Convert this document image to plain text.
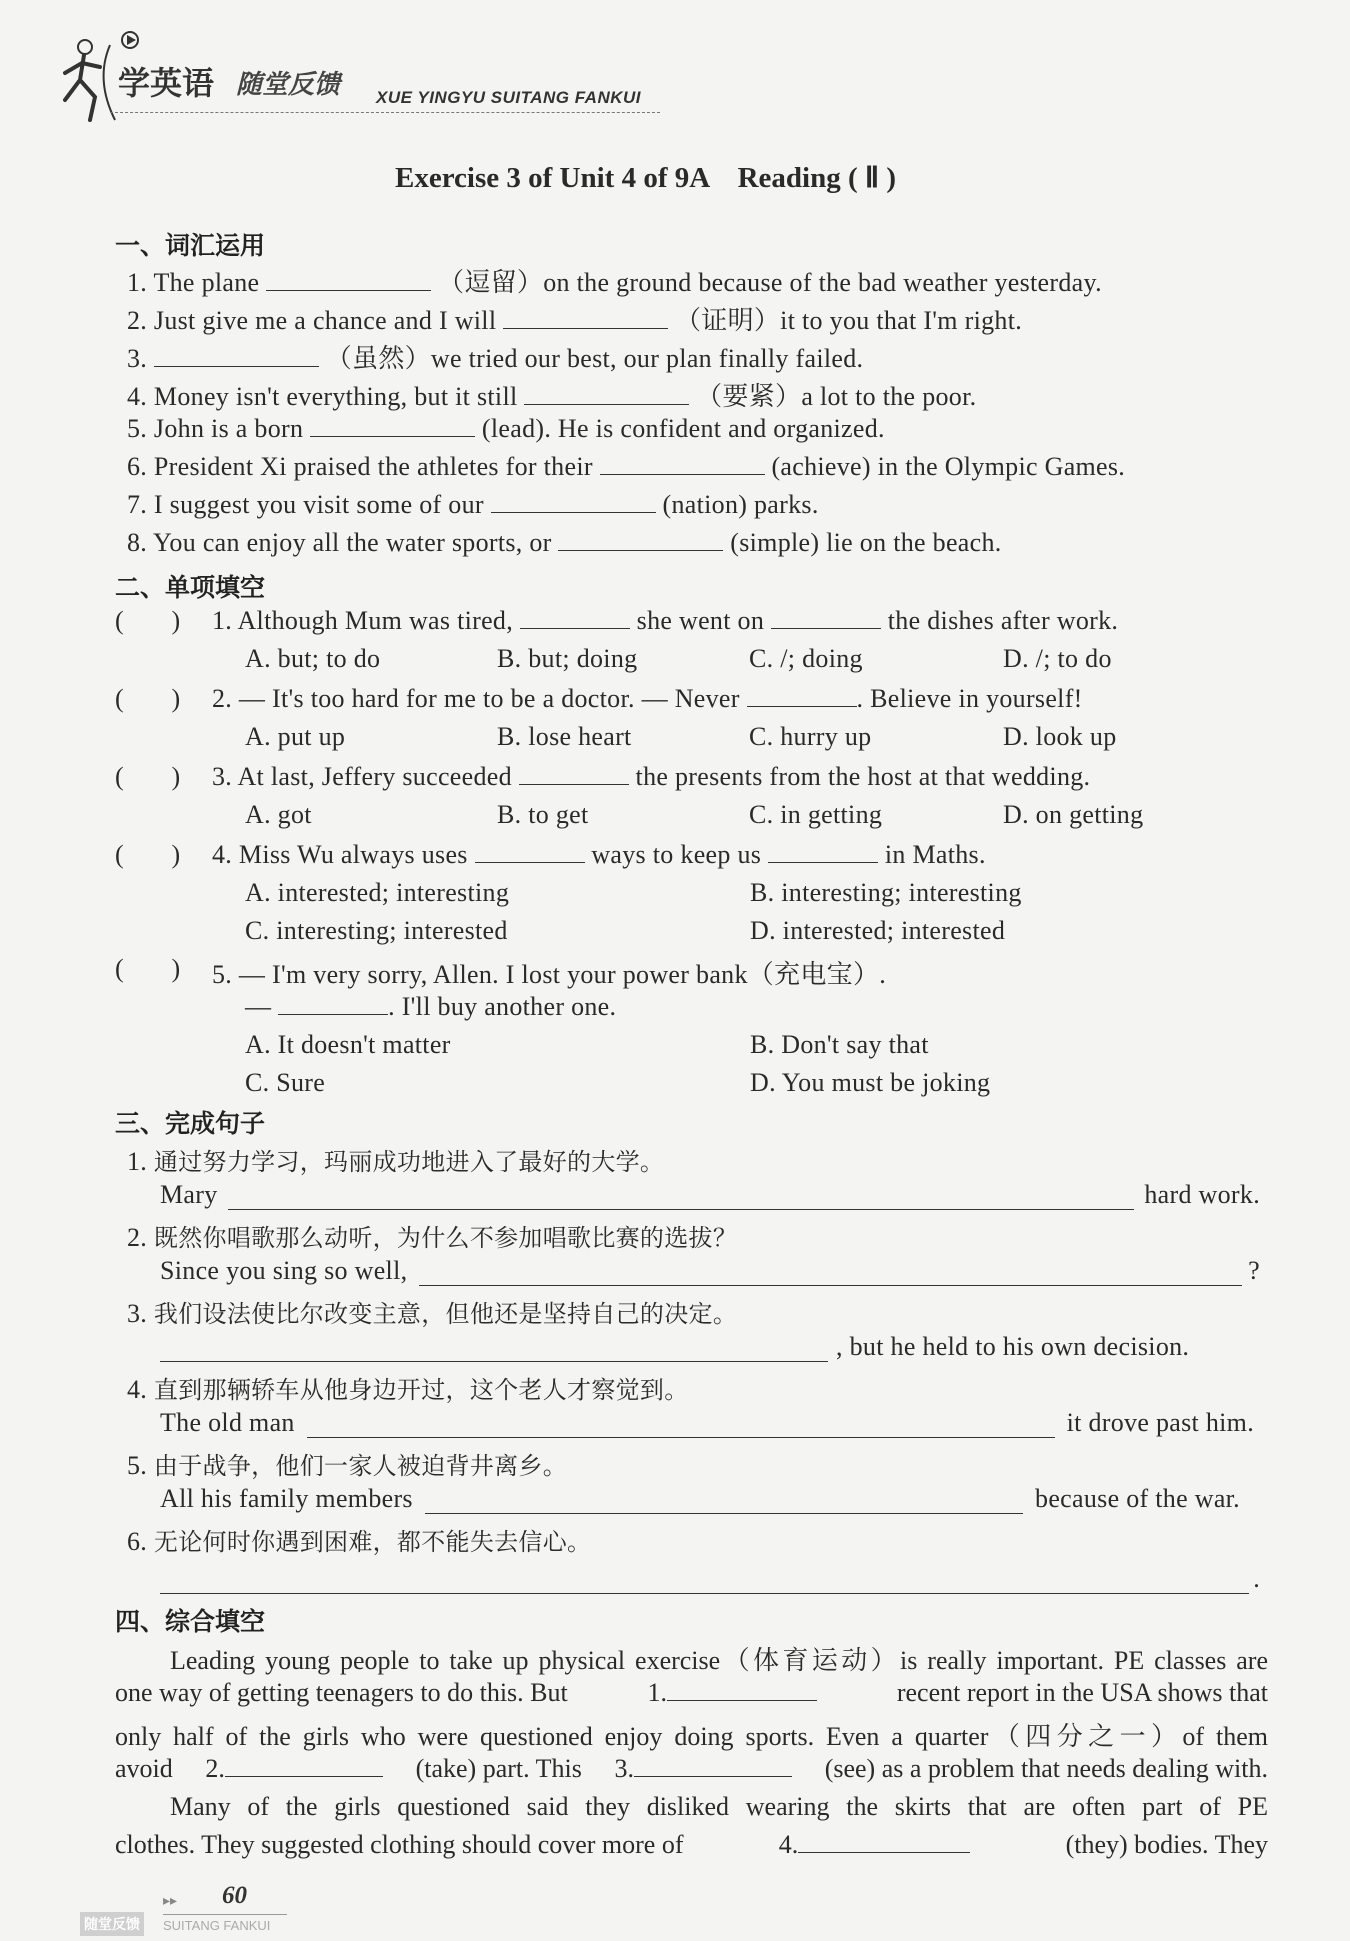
学英语 随堂反馈 XUE YINGYU SUITANG FANKUI
Exercise 3 of Unit 4 of 9A    Reading ( Ⅱ )
一、词汇运用
1. The plane	（逗留）on the ground because of the bad weather yesterday.
2. Just give me a chance and I will	（证明）it to you that I'm right.
3.	（虽然）we tried our best, our plan finally failed.
4. Money isn't everything, but it still	（要紧）a lot to the poor.
5. John is a born	(lead). He is confident and organized.
6. President Xi praised the athletes for their	(achieve) in the Olympic Games.
7. I suggest you visit some of our	(nation) parks.
8. You can enjoy all the water sports, or	(simple) lie on the beach.
二、单项填空
(       ) 1. Although Mum was tired,	she went on	the dishes after work.
A. but; to do	B. but; doing	C. /; doing	D. /; to do
(       ) 2. — It's too hard for me to be a doctor. — Never	. Believe in yourself!
A. put up	B. lose heart	C. hurry up	D. look up
(       ) 3. At last, Jeffery succeeded	the presents from the host at that wedding.
A. got	B. to get	C. in getting	D. on getting
(       ) 4. Miss Wu always uses	ways to keep us	in Maths.
A. interested; interesting	B. interesting; interesting
C. interesting; interested	D. interested; interested
(       ) 5. — I'm very sorry, Allen. I lost your power bank（充电宝）.
—	. I'll buy another one.
A. It doesn't matter	B. Don't say that
C. Sure	D. You must be joking
三、完成句子
1. 通过努力学习，玛丽成功地进入了最好的大学。
Mary	hard work.
2. 既然你唱歌那么动听，为什么不参加唱歌比赛的选拔？
Since you sing so well,	?
3. 我们设法使比尔改变主意，但他还是坚持自己的决定。
, but he held to his own decision.
4. 直到那辆轿车从他身边开过，这个老人才察觉到。
The old man	it drove past him.
5. 由于战争，他们一家人被迫背井离乡。
All his family members	because of the war.
6. 无论何时你遇到困难，都不能失去信心。
.
四、综合填空
Leading young people to take up physical exercise（体育运动）is really important. PE classes are
one way of getting teenagers to do this. But	1.	recent report in the USA shows that
only half of the girls who were questioned enjoy doing sports. Even a quarter（四分之一）of them
avoid 2.	(take) part. This 3.	(see) as a problem that needs dealing with.
Many of the girls questioned said they disliked wearing the skirts that are often part of PE
clothes. They suggested clothing should cover more of	4.	(they) bodies. They
▸▸ 60
随堂反馈	SUITANG FANKUI
